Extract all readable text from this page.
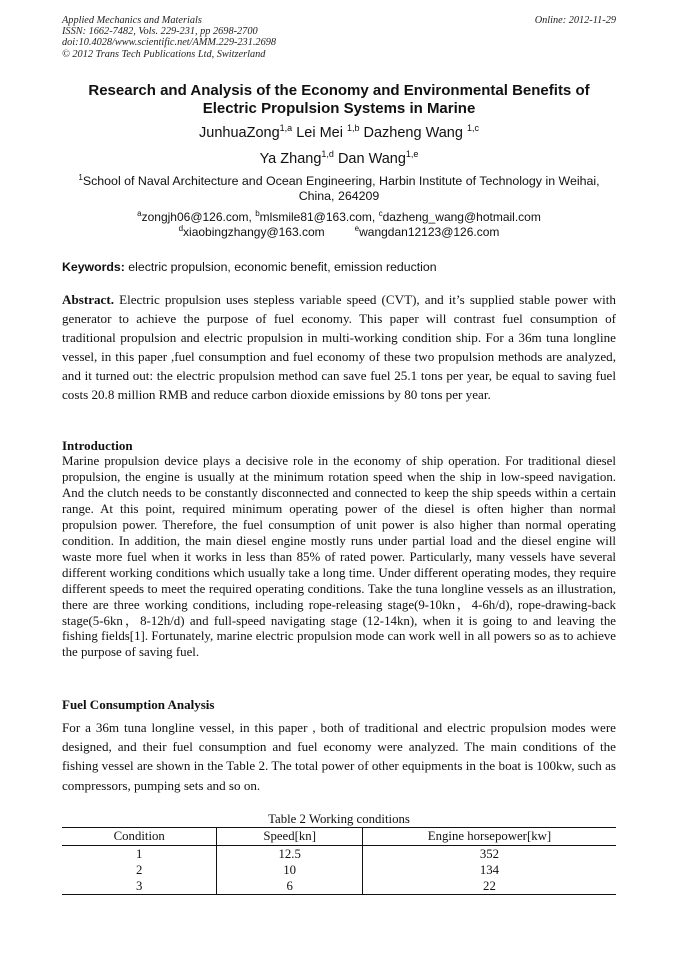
Applied Mechanics and Materials
ISSN: 1662-7482, Vols. 229-231, pp 2698-2700
doi:10.4028/www.scientific.net/AMM.229-231.2698
© 2012 Trans Tech Publications Ltd, Switzerland
Online: 2012-11-29
Research and Analysis of the Economy and Environmental Benefits of Electric Propulsion Systems in Marine
JunhuaZong$^{1,a}$ Lei Mei $^{1,b}$ Dazheng Wang $^{1,c}$
Ya Zhang$^{1,d}$ Dan Wang$^{1,e}$
$^1$School of Naval Architecture and Ocean Engineering, Harbin Institute of Technology in Weihai, China, 264209
$^a$zongjh06@126.com, $^b$mlsmile81@163.com, $^c$dazheng_wang@hotmail.com
$^d$xiaobingzhangy@163.com	$^e$wangdan12123@126.com
Keywords: electric propulsion, economic benefit, emission reduction
Abstract. Electric propulsion uses stepless variable speed (CVT), and it’s supplied stable power with generator to achieve the purpose of fuel economy. This paper will contrast fuel consumption of traditional propulsion and electric propulsion in multi-working condition ship. For a 36m tuna longline vessel, in this paper ,fuel consumption and fuel economy of these two propulsion methods are analyzed, and it turned out: the electric propulsion method can save fuel 25.1 tons per year, be equal to saving fuel costs 20.8 million RMB and reduce carbon dioxide emissions by 80 tons per year.
Introduction
Marine propulsion device plays a decisive role in the economy of ship operation. For traditional diesel propulsion, the engine is usually at the minimum rotation speed when the ship in low-speed navigation. And the clutch needs to be constantly disconnected and connected to keep the ship speeds within a certain range. At this point, required minimum operating power of the diesel is often higher than normal propulsion power. Therefore, the fuel consumption of unit power is also higher than normal operating condition. In addition, the main diesel engine mostly runs under partial load and the diesel engine will waste more fuel when it works in less than 85% of rated power. Particularly, many vessels have several different working conditions which usually take a long time. Under different operating modes, they require different speeds to meet the required operating conditions. Take the tuna longline vessels as an illustration, there are three working conditions, including rope-releasing stage(9-10kn，4-6h/d), rope-drawing-back stage(5-6kn，8-12h/d) and full-speed navigating stage (12-14kn), when it is going to and leaving the fishing fields[1]. Fortunately, marine electric propulsion mode can work well in all powers so as to achieve the purpose of saving fuel.
Fuel Consumption Analysis
For a 36m tuna longline vessel, in this paper , both of traditional and electric propulsion modes were designed, and their fuel consumption and fuel economy were analyzed. The main conditions of the fishing vessel are shown in the Table 2. The total power of other equipments in the boat is 100kw, such as compressors, pumping sets and so on.
Table 2 Working conditions
Condition	Speed[kn]	Engine horsepower[kw]
1	12.5	352
2	10	134
3	6	22
